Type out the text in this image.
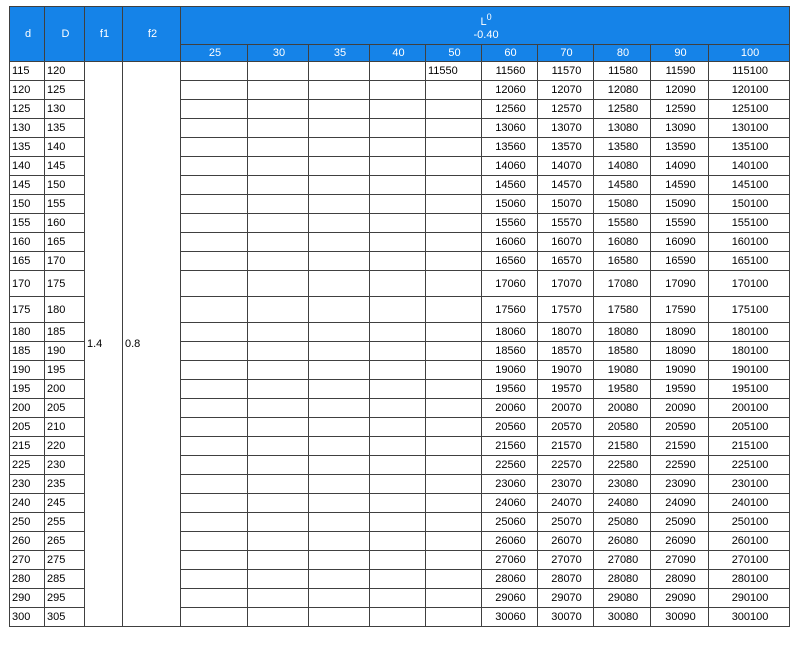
d	D	f1	f2	$L^0$
-0.40									

				25	30	35	40	50	60	70	80	90	100
115	120	1.4	0.8					11550	11560	11570	11580	11590	115100
120	125								12060	12070	12080	12090	120100
125	130								12560	12570	12580	12590	125100
130	135								13060	13070	13080	13090	130100
135	140								13560	13570	13580	13590	135100
140	145								14060	14070	14080	14090	140100
145	150								14560	14570	14580	14590	145100
150	155								15060	15070	15080	15090	150100
155	160								15560	15570	15580	15590	155100
160	165								16060	16070	16080	16090	160100
165	170								16560	16570	16580	16590	165100
170	175								17060	17070	17080	17090	170100
175	180								17560	17570	17580	17590	175100
180	185								18060	18070	18080	18090	180100
185	190								18560	18570	18580	18090	180100
190	195								19060	19070	19080	19090	190100
195	200								19560	19570	19580	19590	195100
200	205								20060	20070	20080	20090	200100
205	210								20560	20570	20580	20590	205100
215	220								21560	21570	21580	21590	215100
225	230								22560	22570	22580	22590	225100
230	235								23060	23070	23080	23090	230100
240	245								24060	24070	24080	24090	240100
250	255								25060	25070	25080	25090	250100
260	265								26060	26070	26080	26090	260100
270	275								27060	27070	27080	27090	270100
280	285								28060	28070	28080	28090	280100
290	295								29060	29070	29080	29090	290100
300	305								30060	30070	30080	30090	300100
